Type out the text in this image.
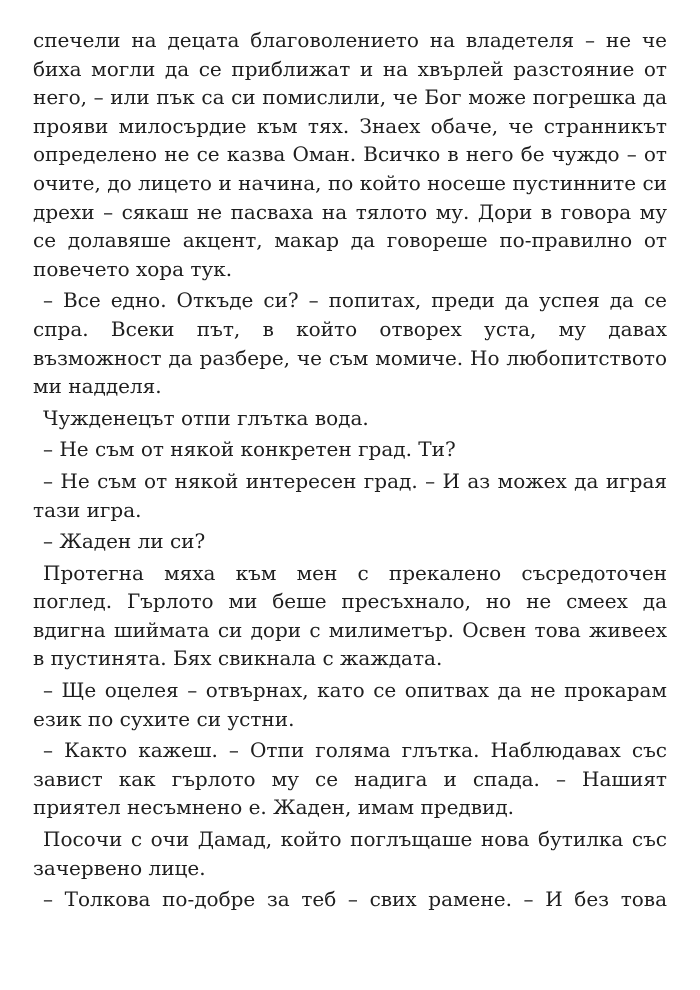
спечели на децата благоволението на владетеля – не че биха могли да се приближат и на хвърлей разстояние от него, – или пък са си помислили, че Бог може погрешка да прояви милосърдие към тях. Знаех обаче, че странникът определено не се казва Оман. Всичко в него бе чуждо – от очите, до лицето и начина, по който носеше пустинните си дрехи – сякаш не пасваха на тялото му. Дори в говора му се долавяше акцент, макар да говореше по-правилно от повечето хора тук.

– Все едно. Откъде си? – попитах, преди да успея да се спра. Всеки път, в който отворех уста, му давах възможност да разбере, че съм момиче. Но любопитството ми надделя.

Чужденецът отпи глътка вода.

– Не съм от някой конкретен град. Ти?

– Не съм от някой интересен град. – И аз можех да играя тази игра.

– Жаден ли си?

Протегна мяха към мен с прекалено съсредоточен поглед. Гърлото ми беше пресъхнало, но не смеех да вдигна шиймата си дори с милиметър. Освен това живеех в пустинята. Бях свикнала с жаждата.

– Ще оцелея – отвърнах, като се опитвах да не прокарам език по сухите си устни.

– Както кажеш. – Отпи голяма глътка. Наблюдавах със завист как гърлото му се надига и спада. – Нашият приятел несъмнено е. Жаден, имам предвид.

Посочи с очи Дамад, който поглъщаше нова бутилка със зачервено лице.

– Толкова по-добре за теб – свих рамене. – И без това
